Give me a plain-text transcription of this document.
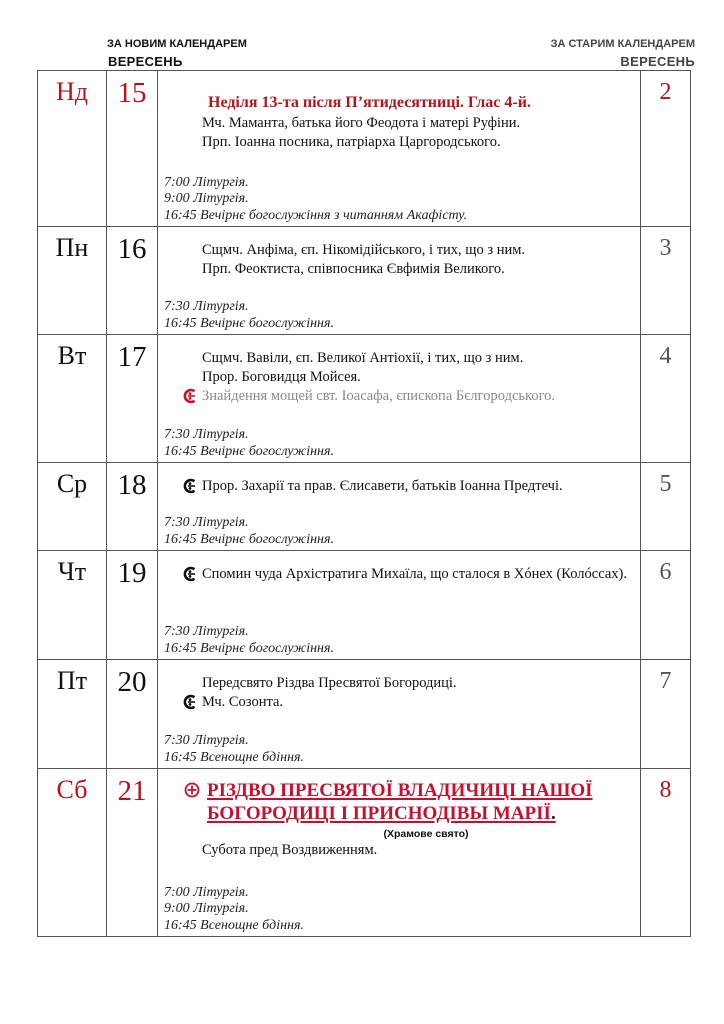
ЗА НОВИМ КАЛЕНДАРЕМ
ВЕРЕСЕНЬ
ЗА СТАРИМ КАЛЕНДАРЕМ
ВЕРЕСЕНЬ
Нд	15	Неділя 13-та після П’ятидесятниці. Глас 4-й.
Мч. Маманта, батька його Феодота і матері Руфіни.
Прп. Іоанна посника, патріарха Царгородського.
7:00 Літургія.
9:00 Літургія.
16:45 Вечірнє богослужіння з читанням Акафісту.
2
Пн	16	Сщмч. Анфіма, єп. Нікомідійського, і тих, що з ним.
Прп. Феоктиста, співпосника Євфимія Великого.
7:30 Літургія.
16:45 Вечірнє богослужіння.
3
Вт	17	Сщмч. Вавіли, єп. Великої Антіохії, і тих, що з ним.
Прор. Боговидця Мойсея.
Знайдення мощей свт. Іоасафа, єпископа Бєлгородського.
7:30 Літургія.
16:45 Вечірнє богослужіння.
4
Ср	18	Прор. Захарії та прав. Єлисавети, батьків Іоанна Предтечі.
7:30 Літургія.
16:45 Вечірнє богослужіння.
5
Чт	19	Спомин чуда Архістратига Михаїла, що сталося в Хóнех (Колóссах).
7:30 Літургія.
16:45 Вечірнє богослужіння.
6
Пт	20	Передсвято Різдва Пресвятої Богородиці.
Мч. Созонта.
7:30 Літургія.
16:45 Всенощне бдіння.
7
Сб	21	РІЗДВО ПРЕСВЯТОЇ ВЛАДИЧИЦІ НАШОЇ
БОГОРОДИЦІ І ПРИСНОДІВЫ МАРІЇ.
(Храмове свято)
Субота пред Воздвиженням.
7:00 Літургія.
9:00 Літургія.
16:45 Всенощне бдіння.
8
